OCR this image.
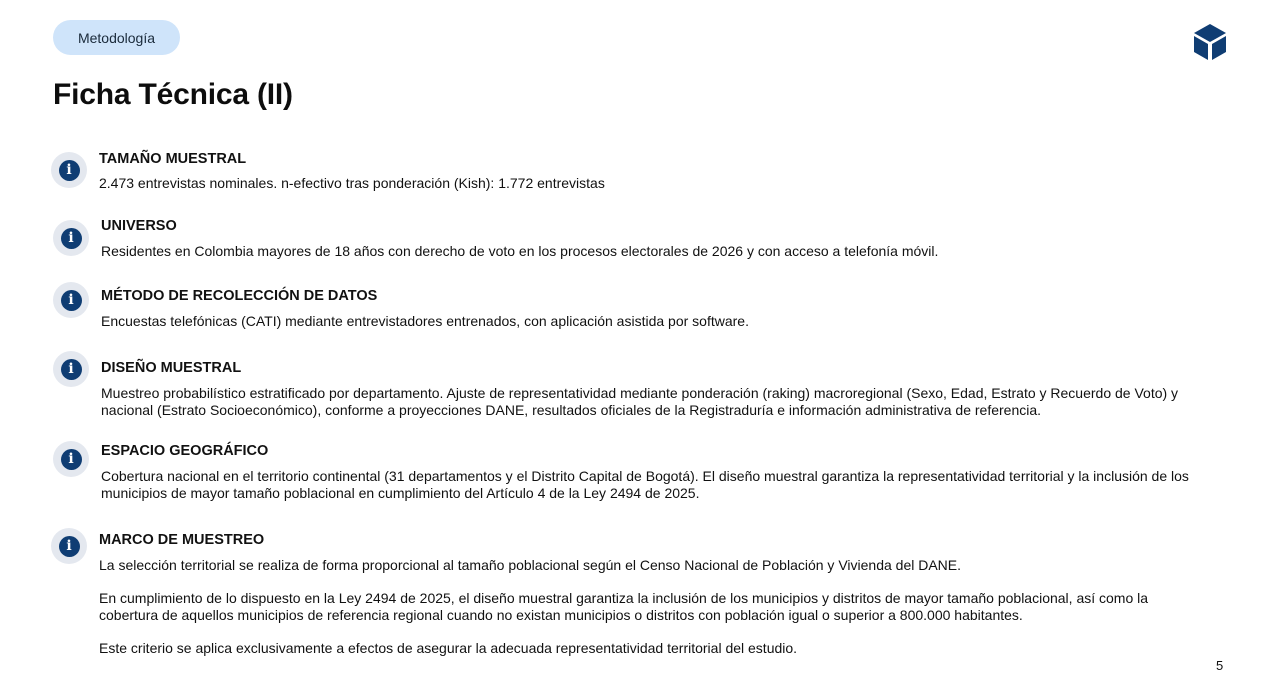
Metodología
Ficha Técnica (II)
i
TAMAÑO MUESTRAL
2.473 entrevistas nominales. n-efectivo tras ponderación (Kish): 1.772 entrevistas
i
UNIVERSO
Residentes en Colombia mayores de 18 años con derecho de voto en los procesos electorales de 2026 y con acceso a telefonía móvil.
i	MÉTODO DE RECOLECCIÓN DE DATOS
Encuestas telefónicas (CATI) mediante entrevistadores entrenados, con aplicación asistida por software.
i	DISEÑO MUESTRAL
Muestreo probabilístico estratificado por departamento. Ajuste de representatividad mediante ponderación (raking) macroregional (Sexo, Edad, Estrato y Recuerdo de Voto) y
nacional (Estrato Socioeconómico), conforme a proyecciones DANE, resultados oficiales de la Registraduría e información administrativa de referencia.
i	ESPACIO GEOGRÁFICO
Cobertura nacional en el territorio continental (31 departamentos y el Distrito Capital de Bogotá). El diseño muestral garantiza la representatividad territorial y la inclusión de los
municipios de mayor tamaño poblacional en cumplimiento del Artículo 4 de la Ley 2494 de 2025.
i	MARCO DE MUESTREO

La selección territorial se realiza de forma proporcional al tamaño poblacional según el Censo Nacional de Población y Vivienda del DANE.

En cumplimiento de lo dispuesto en la Ley 2494 de 2025, el diseño muestral garantiza la inclusión de los municipios y distritos de mayor tamaño poblacional, así como la
cobertura de aquellos municipios de referencia regional cuando no existan municipios o distritos con población igual o superior a 800.000 habitantes.

Este criterio se aplica exclusivamente a efectos de asegurar la adecuada representatividad territorial del estudio.

5
